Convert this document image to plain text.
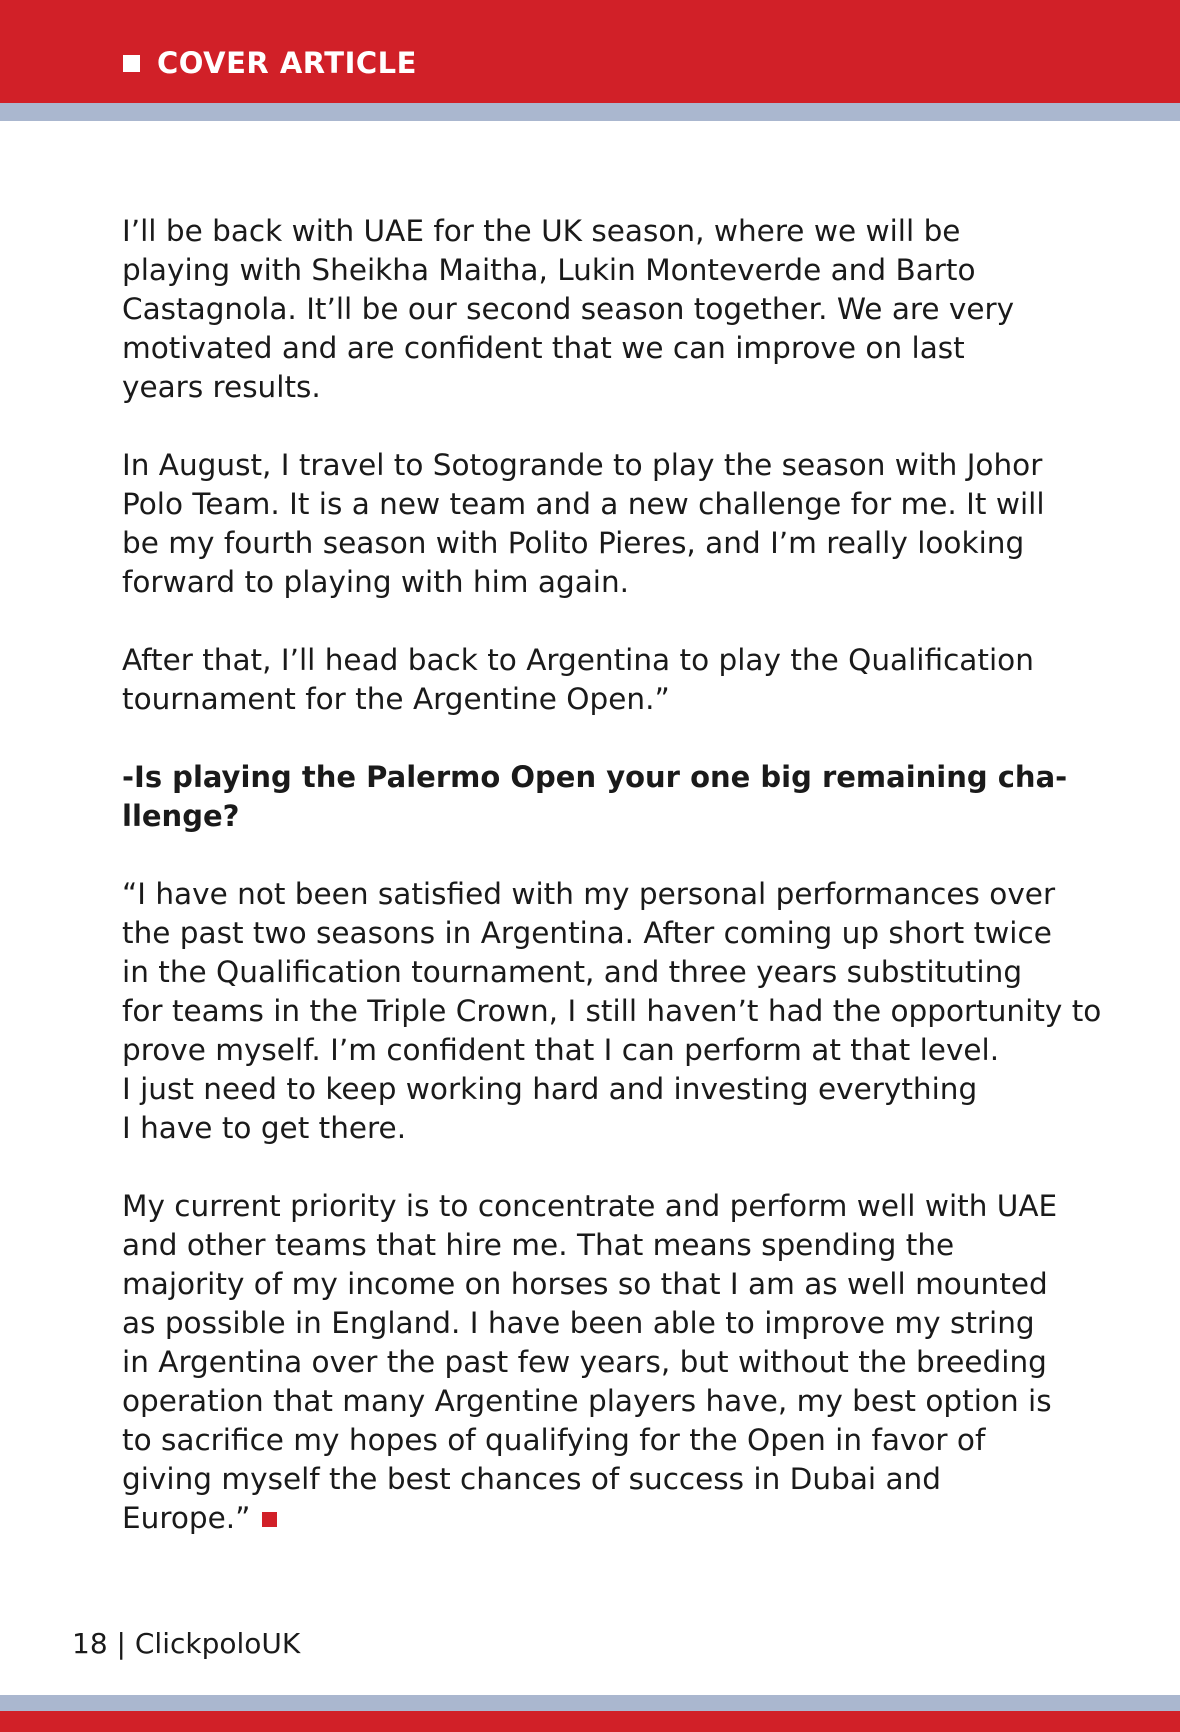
COVER ARTICLE

I’ll be back with UAE for the UK season, where we will be
playing with Sheikha Maitha, Lukin Monteverde and Barto
Castagnola. It’ll be our second season together. We are very
motivated and are confident that we can improve on last
years results.

In August, I travel to Sotogrande to play the season with Johor
Polo Team. It is a new team and a new challenge for me. It will
be my fourth season with Polito Pieres, and I’m really looking
forward to playing with him again.

After that, I’ll head back to Argentina to play the Qualification
tournament for the Argentine Open.”

-Is playing the Palermo Open your one big remaining cha-
llenge?

“I have not been satisfied with my personal performances over
the past two seasons in Argentina. After coming up short twice
in the Qualification tournament, and three years substituting
for teams in the Triple Crown, I still haven’t had the opportunity to
prove myself. I’m confident that I can perform at that level.
I just need to keep working hard and investing everything
I have to get there.

My current priority is to concentrate and perform well with UAE
and other teams that hire me. That means spending the
majority of my income on horses so that I am as well mounted
as possible in England. I have been able to improve my string
in Argentina over the past few years, but without the breeding
operation that many Argentine players have, my best option is
to sacrifice my hopes of qualifying for the Open in favor of
giving myself the best chances of success in Dubai and
Europe.”

18 | ClickpoloUK
